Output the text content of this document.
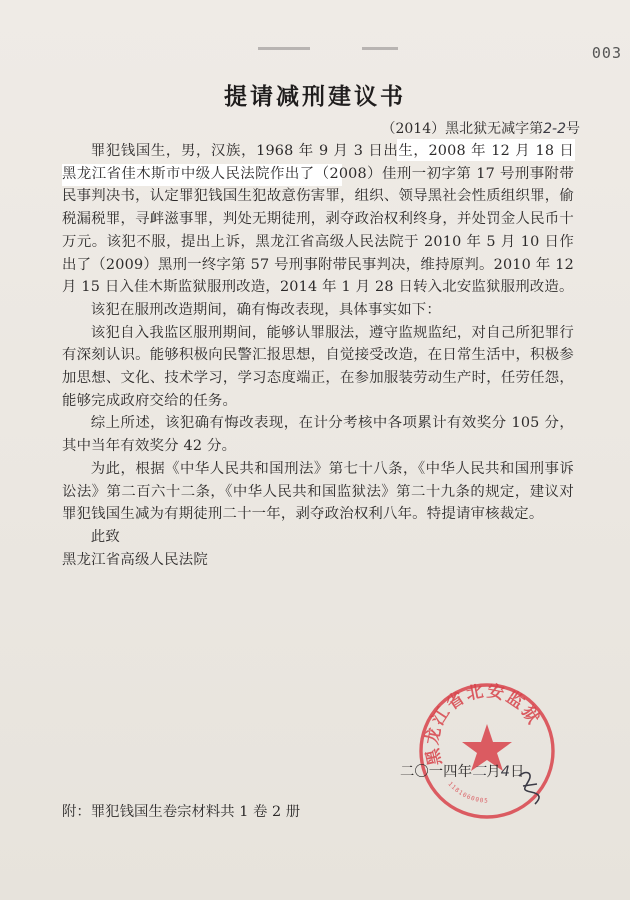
003
提请减刑建议书
（2014）黑北狱无减字第2-2号

罪犯钱国生，男，汉族，1968 年 9 月 3 日出生，2008 年 12 月 18 日黑龙江省佳木斯市中级人民法院作出了（2008）佳刑一初字第 17 号刑事附带民事判决书，认定罪犯钱国生犯故意伤害罪，组织、领导黑社会性质组织罪，偷税漏税罪，寻衅滋事罪，判处无期徒刑，剥夺政治权利终身，并处罚金人民币十万元。该犯不服，提出上诉，黑龙江省高级人民法院于 2010 年 5 月 10 日作出了（2009）黑刑一终字第 57 号刑事附带民事判决，维持原判。2010 年 12 月 15 日入佳木斯监狱服刑改造，2014 年 1 月 28 日转入北安监狱服刑改造。

该犯在服刑改造期间，确有悔改表现，具体事实如下：

该犯自入我监区服刑期间，能够认罪服法，遵守监规监纪，对自己所犯罪行有深刻认识。能够积极向民警汇报思想，自觉接受改造，在日常生活中，积极参加思想、文化、技术学习，学习态度端正，在参加服装劳动生产时，任劳任怨，能够完成政府交给的任务。

综上所述，该犯确有悔改表现，在计分考核中各项累计有效奖分 105 分，其中当年有效奖分 42 分。

为此，根据《中华人民共和国刑法》第七十八条，《中华人民共和国刑事诉讼法》第二百六十二条，《中华人民共和国监狱法》第二十九条的规定，建议对罪犯钱国生减为有期徒刑二十一年，剥夺政治权利八年。特提请审核裁定。

此致

黑龙江省高级人民法院

黑龙江省北安监狱
1181060005
二〇一四年二月4日
附：罪犯钱国生卷宗材料共 1 卷 2 册
